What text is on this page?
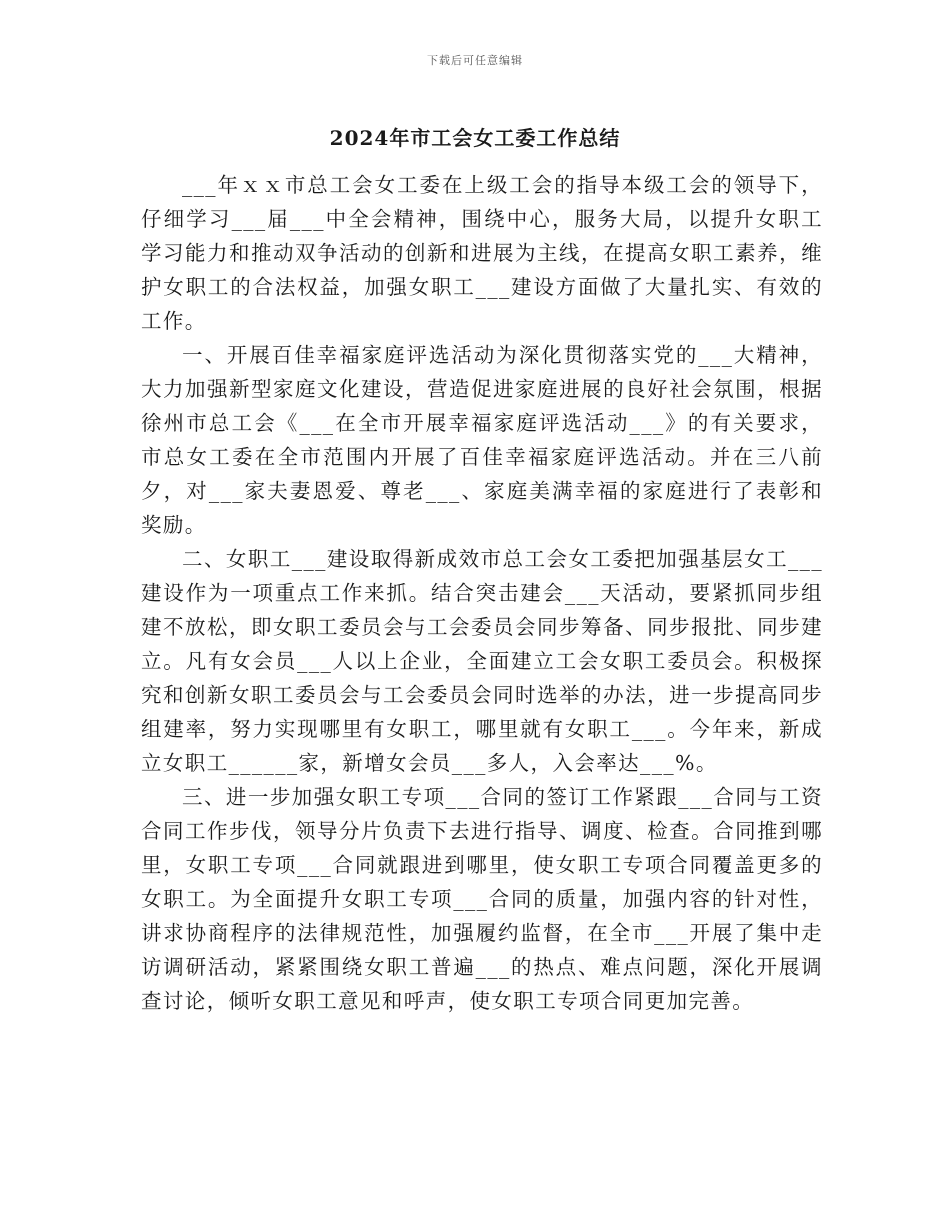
下载后可任意编辑
2024年市工会女工委工作总结

___年ｘｘ市总工会女工委在上级工会的指导本级工会的领导下，仔细学习___届___中全会精神，围绕中心，服务大局，以提升女职工学习能力和推动双争活动的创新和进展为主线，在提高女职工素养，维护女职工的合法权益，加强女职工___建设方面做了大量扎实、有效的工作。

一、开展百佳幸福家庭评选活动为深化贯彻落实党的___大精神，大力加强新型家庭文化建设，营造促进家庭进展的良好社会氛围，根据徐州市总工会《___在全市开展幸福家庭评选活动___》的有关要求，市总女工委在全市范围内开展了百佳幸福家庭评选活动。并在三八前夕，对___家夫妻恩爱、尊老___、家庭美满幸福的家庭进行了表彰和奖励。

二、女职工___建设取得新成效市总工会女工委把加强基层女工___建设作为一项重点工作来抓。结合突击建会___天活动，要紧抓同步组建不放松，即女职工委员会与工会委员会同步筹备、同步报批、同步建立。凡有女会员___人以上企业，全面建立工会女职工委员会。积极探究和创新女职工委员会与工会委员会同时选举的办法，进一步提高同步组建率，努力实现哪里有女职工，哪里就有女职工___。今年来，新成立女职工______家，新增女会员___多人，入会率达___%。

三、进一步加强女职工专项___合同的签订工作紧跟___合同与工资合同工作步伐，领导分片负责下去进行指导、调度、检查。合同推到哪里，女职工专项___合同就跟进到哪里，使女职工专项合同覆盖更多的女职工。为全面提升女职工专项___合同的质量，加强内容的针对性，讲求协商程序的法律规范性，加强履约监督，在全市___开展了集中走访调研活动，紧紧围绕女职工普遍___的热点、难点问题，深化开展调查讨论，倾听女职工意见和呼声，使女职工专项合同更加完善。
